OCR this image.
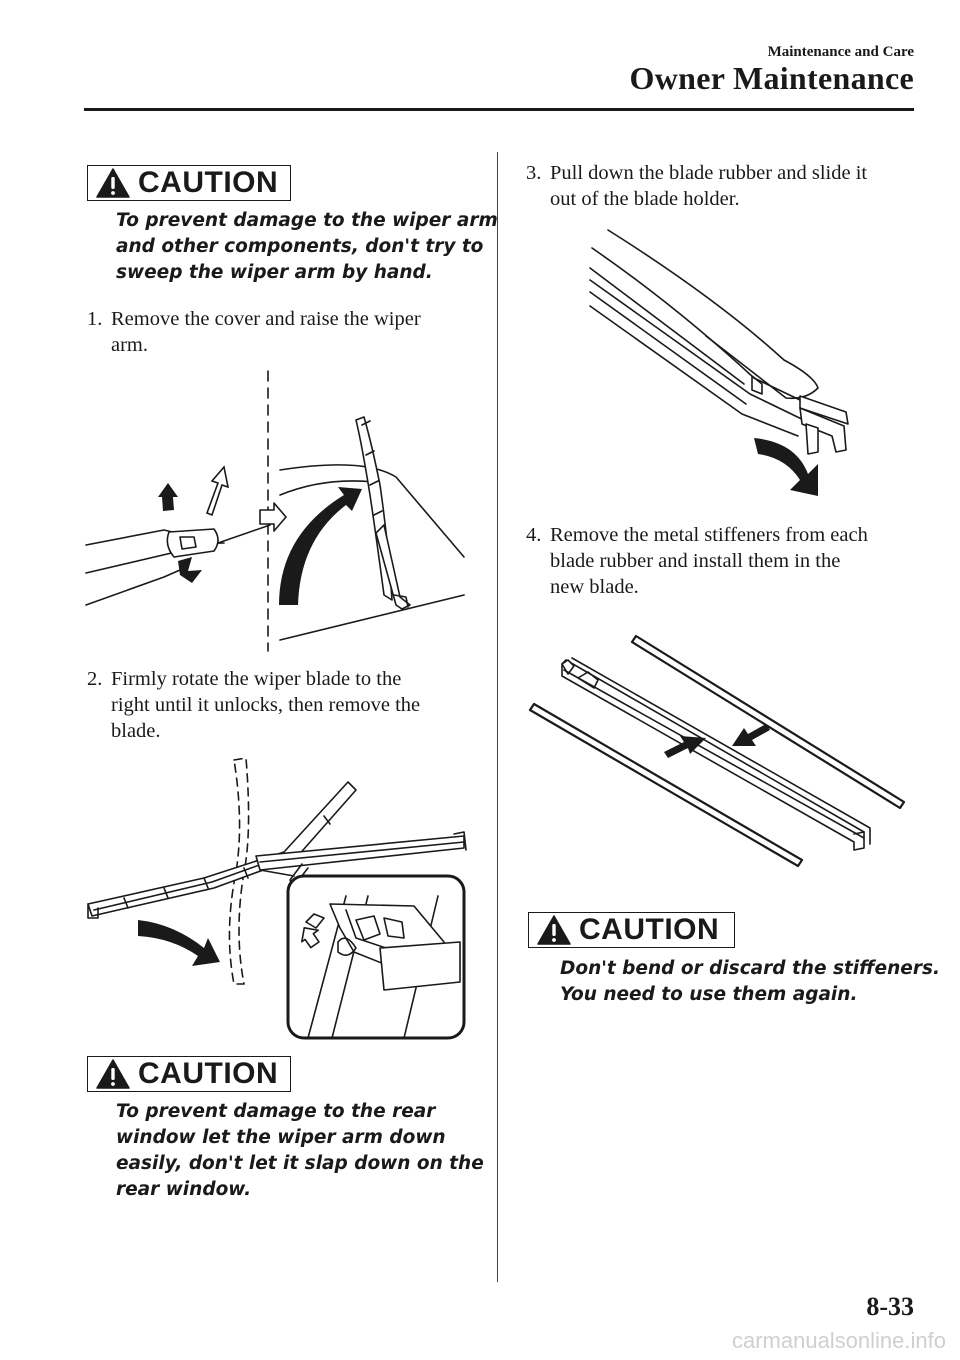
Maintenance and Care
Owner Maintenance
CAUTION
To prevent damage to the wiper arm
and other components, don't try to
sweep the wiper arm by hand.
1. Remove the cover and raise the wiper
arm.
2. Firmly rotate the wiper blade to the
right until it unlocks, then remove the
blade.
CAUTION
To prevent damage to the rear
window let the wiper arm down
easily, don't let it slap down on the
rear window.
3. Pull down the blade rubber and slide it
out of the blade holder.
4. Remove the metal stiffeners from each
blade rubber and install them in the
new blade.
CAUTION
Don't bend or discard the stiffeners.
You need to use them again.
8-33
carmanualsonline.info
